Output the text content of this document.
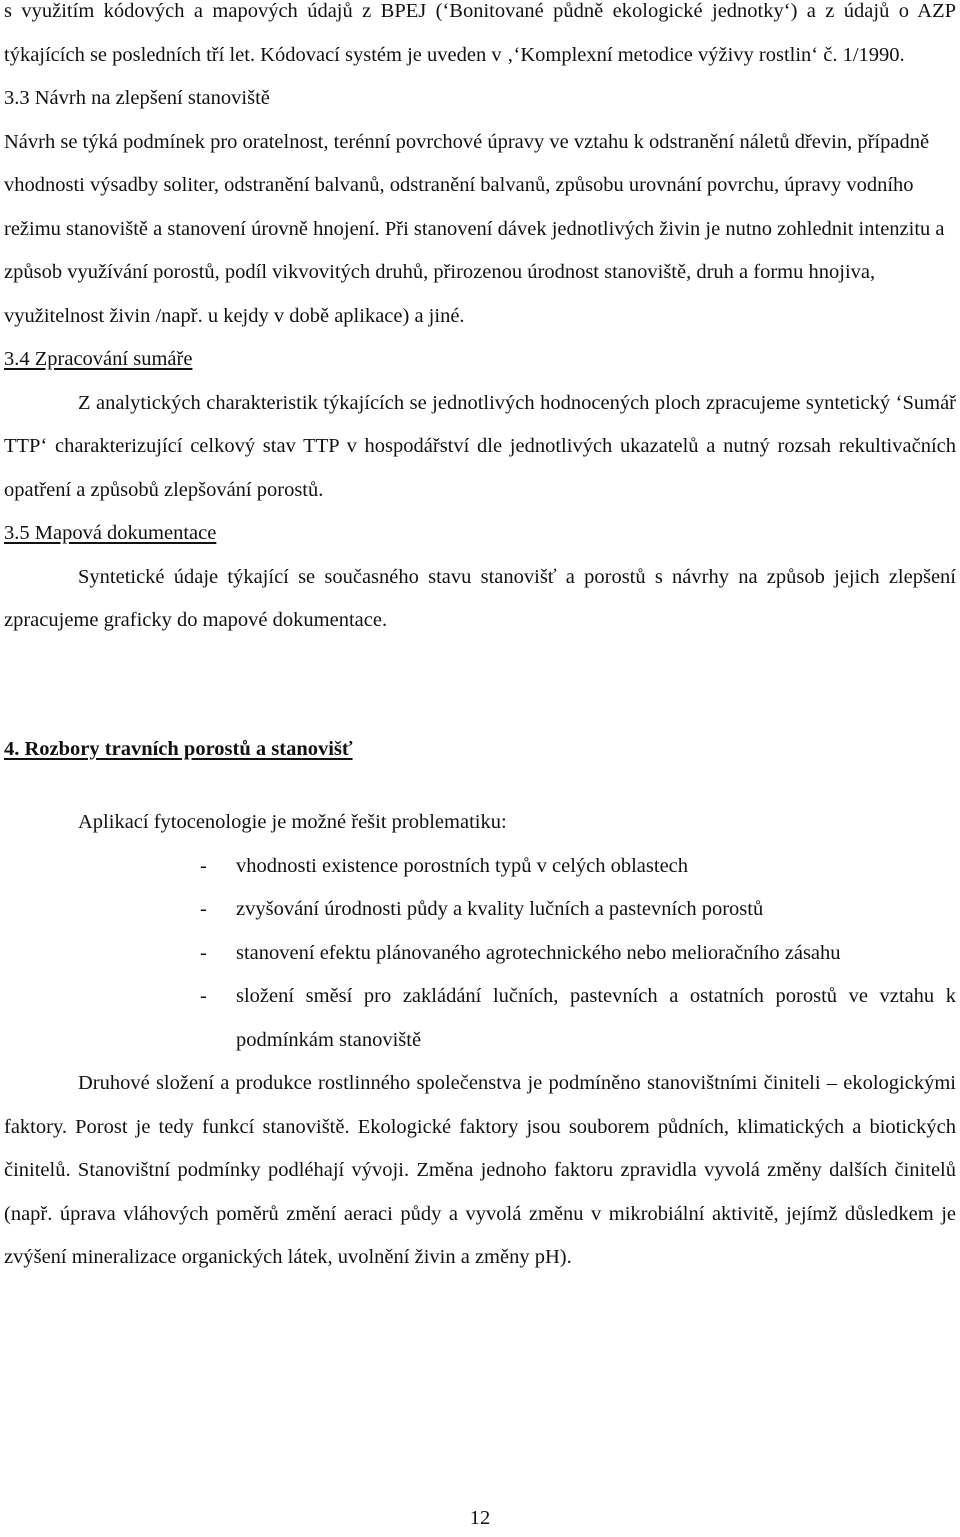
s využitím kódových a mapových údajů z BPEJ (‘Bonitované půdně ekologické jednotky‘) a z údajů o AZP týkajících se posledních tří let. Kódovací systém je uveden v ‚‘Komplexní metodice výživy rostlin‘ č. 1/1990.

3.3 Návrh na zlepšení stanoviště

Návrh se týká podmínek pro oratelnost, terénní povrchové úpravy ve vztahu k odstranění náletů dřevin, případně vhodnosti výsadby soliter, odstranění balvanů, odstranění balvanů, způsobu urovnání povrchu, úpravy vodního režimu stanoviště a stanovení úrovně hnojení. Při stanovení dávek jednotlivých živin je nutno zohlednit intenzitu a způsob využívání porostů, podíl vikvovitých druhů, přirozenou úrodnost stanoviště, druh a formu hnojiva, využitelnost živin /např. u kejdy v době aplikace) a jiné.

3.4 Zpracování sumáře

Z analytických charakteristik týkajících se jednotlivých hodnocených ploch zpracujeme syntetický ‘Sumář TTP‘ charakterizující celkový stav TTP v hospodářství dle jednotlivých ukazatelů a nutný rozsah rekultivačních opatření a způsobů zlepšování porostů.

3.5 Mapová dokumentace

Syntetické údaje týkající se současného stavu stanovišť a porostů s návrhy na způsob jejich zlepšení zpracujeme graficky do mapové dokumentace.

4. Rozbory travních porostů a stanovišť

Aplikací fytocenologie je možné řešit problematiku:

- vhodnosti existence porostních typů v celých oblastech
- zvyšování úrodnosti půdy a kvality lučních a pastevních porostů
- stanovení efektu plánovaného agrotechnického nebo melioračního zásahu
- složení směsí pro zakládání lučních, pastevních a ostatních porostů ve vztahu k podmínkám stanoviště

Druhové složení a produkce rostlinného společenstva je podmíněno stanovištními činiteli – ekologickými faktory. Porost je tedy funkcí stanoviště. Ekologické faktory jsou souborem půdních, klimatických a biotických činitelů. Stanovištní podmínky podléhají vývoji. Změna jednoho faktoru zpravidla vyvolá změny dalších činitelů (např. úprava vláhových poměrů změní aeraci půdy a vyvolá změnu v mikrobiální aktivitě, jejímž důsledkem je zvýšení mineralizace organických látek, uvolnění živin a změny pH).

12
